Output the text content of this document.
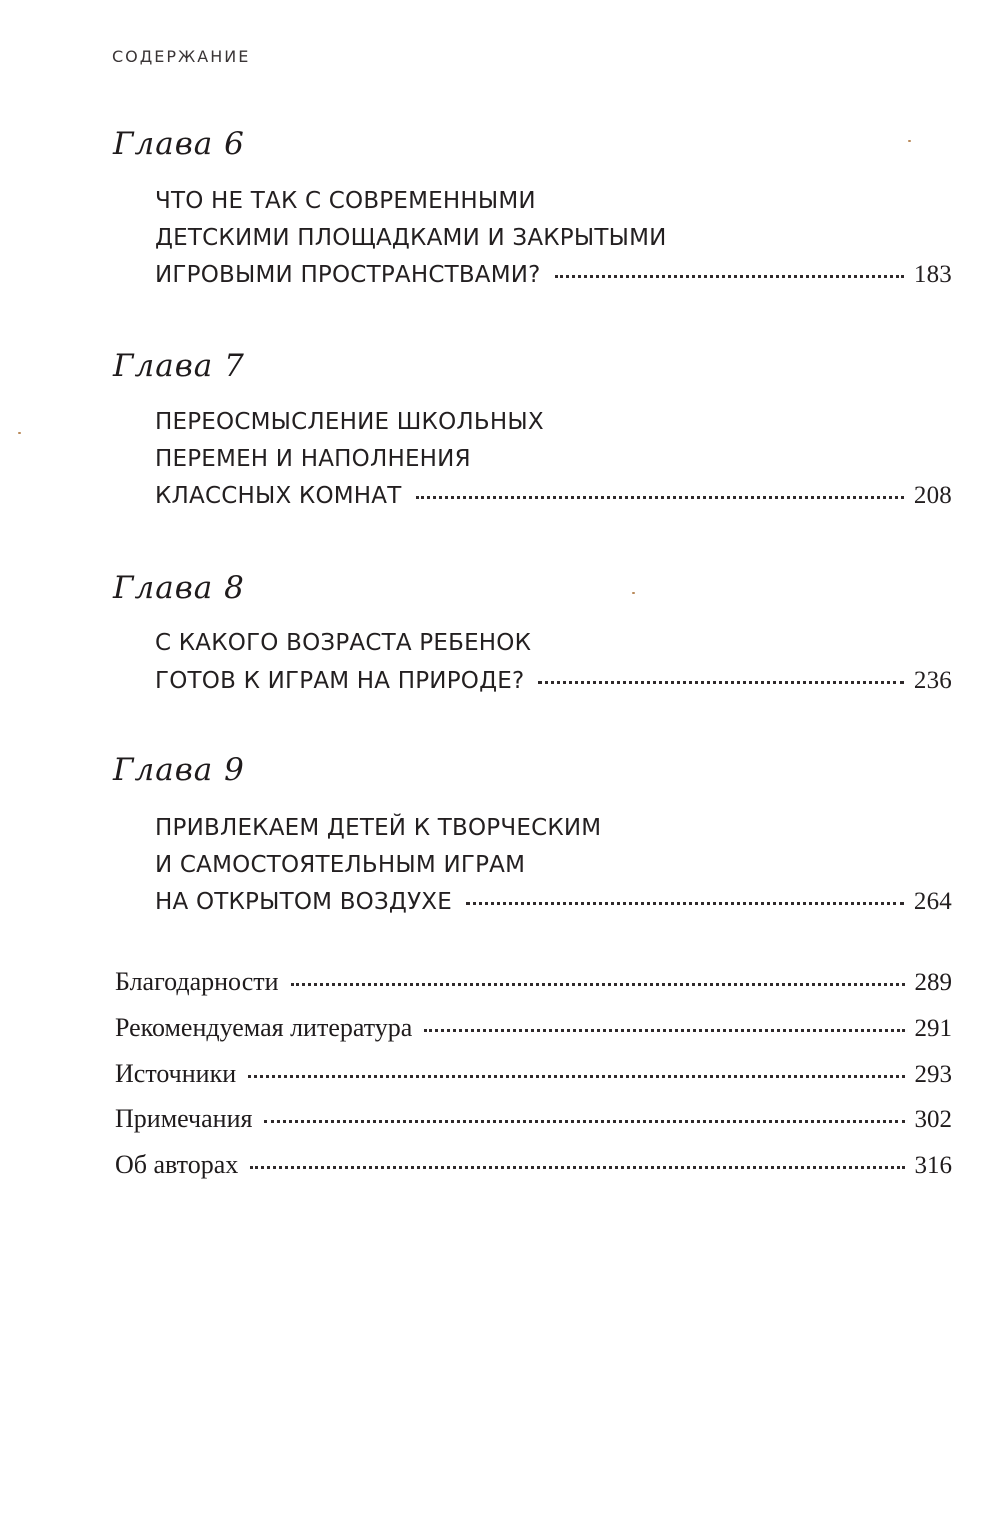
СОДЕРЖАНИЕ
Глава 6
ЧТО НЕ ТАК С СОВРЕМЕННЫМИ
ДЕТСКИМИ ПЛОЩАДКАМИ И ЗАКРЫТЫМИ
ИГРОВЫМИ ПРОСТРАНСТВАМИ?	183
Глава 7
ПЕРЕОСМЫСЛЕНИЕ ШКОЛЬНЫХ
ПЕРЕМЕН И НАПОЛНЕНИЯ
КЛАССНЫХ КОМНАТ	208
Глава 8
С КАКОГО ВОЗРАСТА РЕБЕНОК
ГОТОВ К ИГРАМ НА ПРИРОДЕ?	236
Глава 9
ПРИВЛЕКАЕМ ДЕТЕЙ К ТВОРЧЕСКИМ
И САМОСТОЯТЕЛЬНЫМ ИГРАМ
НА ОТКРЫТОМ ВОЗДУХЕ	264
Благодарности	289
Рекомендуемая литература	291
Источники	293
Примечания	302
Об авторах	316
